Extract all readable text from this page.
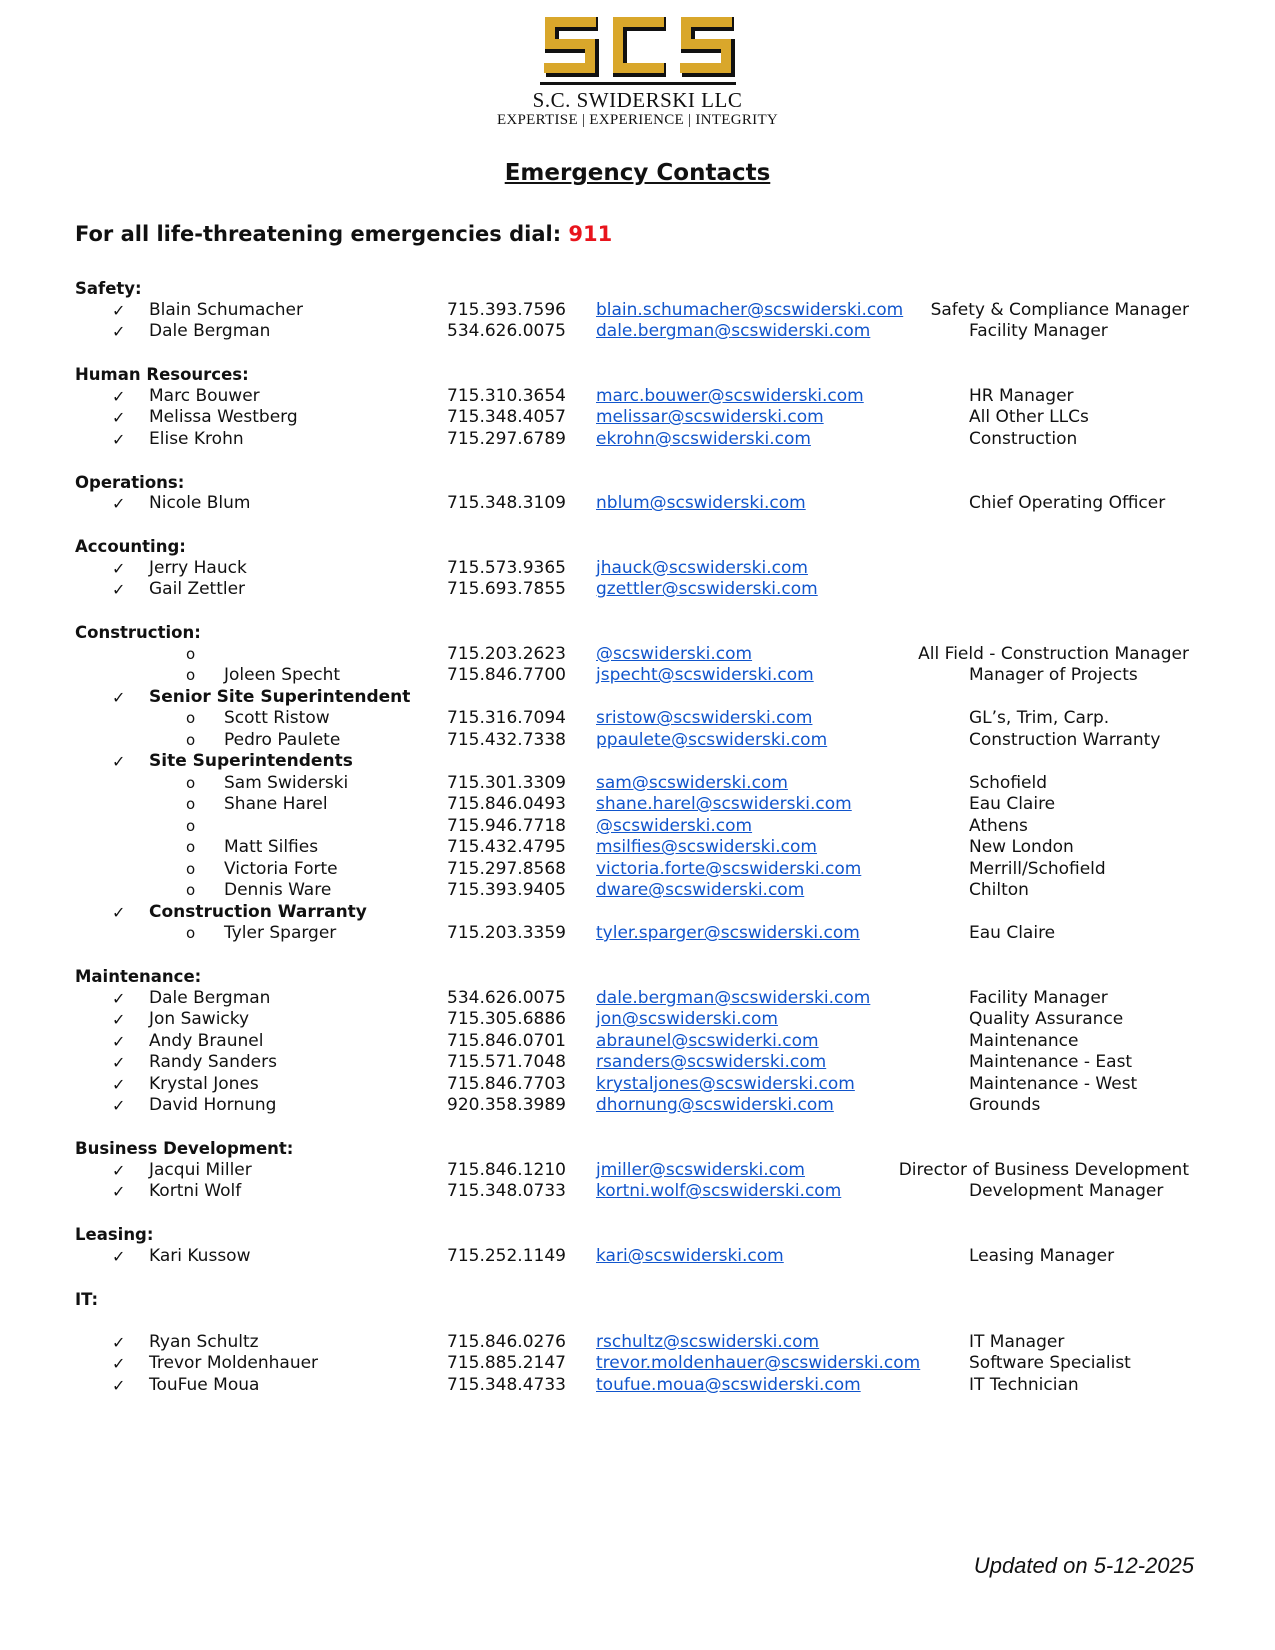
S.C. SWIDERSKI LLC
EXPERTISE | EXPERIENCE | INTEGRITY
Emergency Contacts
For all life-threatening emergencies dial: 911
Safety:
✓ Blain Schumacher	715.393.7596 blain.schumacher@scswiderski.com Safety & Compliance Manager
✓ Dale Bergman	534.626.0075 dale.bergman@scswiderski.com	Facility Manager
Human Resources:
✓ Marc Bouwer	715.310.3654 marc.bouwer@scswiderski.com	HR Manager
✓ Melissa Westberg	715.348.4057 melissar@scswiderski.com	All Other LLCs
✓ Elise Krohn	715.297.6789 ekrohn@scswiderski.com	Construction
Operations:
✓ Nicole Blum	715.348.3109 nblum@scswiderski.com	Chief Operating Officer
Accounting:
✓ Jerry Hauck	715.573.9365 jhauck@scswiderski.com
✓ Gail Zettler	715.693.7855 gzettler@scswiderski.com
Construction:
o	715.203.2623 @scswiderski.com	All Field - Construction Manager
o Joleen Specht	715.846.7700 jspecht@scswiderski.com	Manager of Projects
✓ Senior Site Superintendent
o Scott Ristow	715.316.7094 sristow@scswiderski.com	GL’s, Trim, Carp.
o Pedro Paulete	715.432.7338 ppaulete@scswiderski.com	Construction Warranty
✓ Site Superintendents
o Sam Swiderski	715.301.3309 sam@scswiderski.com	Schofield
o Shane Harel	715.846.0493 shane.harel@scswiderski.com	Eau Claire
o	715.946.7718 @scswiderski.com	Athens
o Matt Silfies	715.432.4795 msilfies@scswiderski.com	New London
o Victoria Forte	715.297.8568 victoria.forte@scswiderski.com	Merrill/Schofield
o Dennis Ware	715.393.9405 dware@scswiderski.com	Chilton
✓ Construction Warranty
o Tyler Sparger	715.203.3359 tyler.sparger@scswiderski.com	Eau Claire
Maintenance:
✓ Dale Bergman	534.626.0075 dale.bergman@scswiderski.com	Facility Manager
✓ Jon Sawicky	715.305.6886 jon@scswiderski.com	Quality Assurance
✓ Andy Braunel	715.846.0701 abraunel@scswiderki.com	Maintenance
✓ Randy Sanders	715.571.7048 rsanders@scswiderski.com	Maintenance - East
✓ Krystal Jones	715.846.7703 krystaljones@scswiderski.com	Maintenance - West
✓ David Hornung	920.358.3989 dhornung@scswiderski.com	Grounds
Business Development:
✓ Jacqui Miller	715.846.1210 jmiller@scswiderski.com	Director of Business Development
✓ Kortni Wolf	715.348.0733 kortni.wolf@scswiderski.com	Development Manager
Leasing:
✓ Kari Kussow	715.252.1149 kari@scswiderski.com	Leasing Manager
IT:
✓ Ryan Schultz	715.846.0276 rschultz@scswiderski.com	IT Manager
✓ Trevor Moldenhauer	715.885.2147 trevor.moldenhauer@scswiderski.com	Software Specialist
✓ TouFue Moua	715.348.4733 toufue.moua@scswiderski.com	IT Technician
Updated on 5-12-2025
